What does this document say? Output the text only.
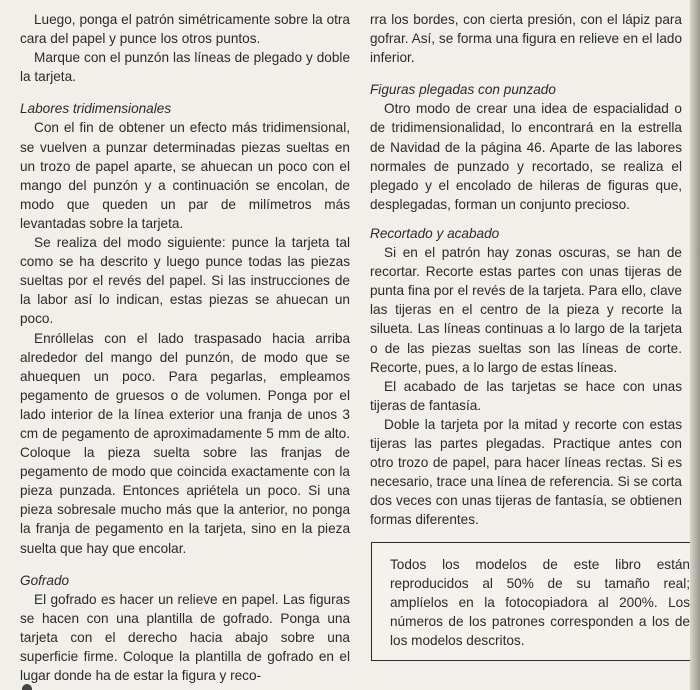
Luego, ponga el patrón simétricamente sobre la otra cara del papel y punce los otros puntos.

Marque con el punzón las líneas de plegado y doble la tarjeta.

Labores tridimensionales

Con el fin de obtener un efecto más tridimensional, se vuelven a punzar determinadas piezas sueltas en un trozo de papel aparte, se ahuecan un poco con el mango del punzón y a continuación se encolan, de modo que queden un par de milímetros más levantadas sobre la tarjeta.

Se realiza del modo siguiente: punce la tarjeta tal como se ha descrito y luego punce todas las piezas sueltas por el revés del papel. Si las instrucciones de la labor así lo indican, estas piezas se ahuecan un poco.

Enróllelas con el lado traspasado hacia arriba alrededor del mango del punzón, de modo que se ahuequen un poco. Para pegarlas, empleamos pegamento de gruesos o de volumen. Ponga por el lado interior de la línea exterior una franja de unos 3 cm de pegamento de aproximadamente 5 mm de alto. Coloque la pieza suelta sobre las franjas de pegamento de modo que coincida exactamente con la pieza punzada. Entonces apriételа un poco. Si una pieza sobresale mucho más que la anterior, no ponga la franja de pegamento en la tarjeta, sino en la pieza suelta que hay que encolar.

Gofrado

El gofrado es hacer un relieve en papel. Las figuras se hacen con una plantilla de gofrado. Ponga una tarjeta con el derecho hacia abajo sobre una superficie firme. Coloque la plantilla de gofrado en el lugar donde ha de estar la figura y reco-

rra los bordes, con cierta presión, con el lápiz para gofrar. Así, se forma una figura en relieve en el lado inferior.

Figuras plegadas con punzado

Otro modo de crear una idea de espacialidad o de tridimensionalidad, lo encontrará en la estrella de Navidad de la página 46. Aparte de las labores normales de punzado y recortado, se realiza el plegado y el encolado de hileras de figuras que, desplegadas, forman un conjunto precioso.

Recortado y acabado

Si en el patrón hay zonas oscuras, se han de recortar. Recorte estas partes con unas tijeras de punta fina por el revés de la tarjeta. Para ello, clave las tijeras en el centro de la pieza y recorte la silueta. Las líneas continuas a lo largo de la tarjeta o de las piezas sueltas son las líneas de corte. Recorte, pues, a lo largo de estas líneas.

El acabado de las tarjetas se hace con unas tijeras de fantasía.

Doble la tarjeta por la mitad y recorte con estas tijeras las partes plegadas. Practique antes con otro trozo de papel, para hacer líneas rectas. Si es necesario, trace una línea de referencia. Si se corta dos veces con unas tijeras de fantasía, se obtienen formas diferentes.

Todos los modelos de este libro están reproducidos al 50% de su tamaño real; amplíelos en la fotocopiadora al 200%. Los números de los patrones corresponden a los de los modelos descritos.
